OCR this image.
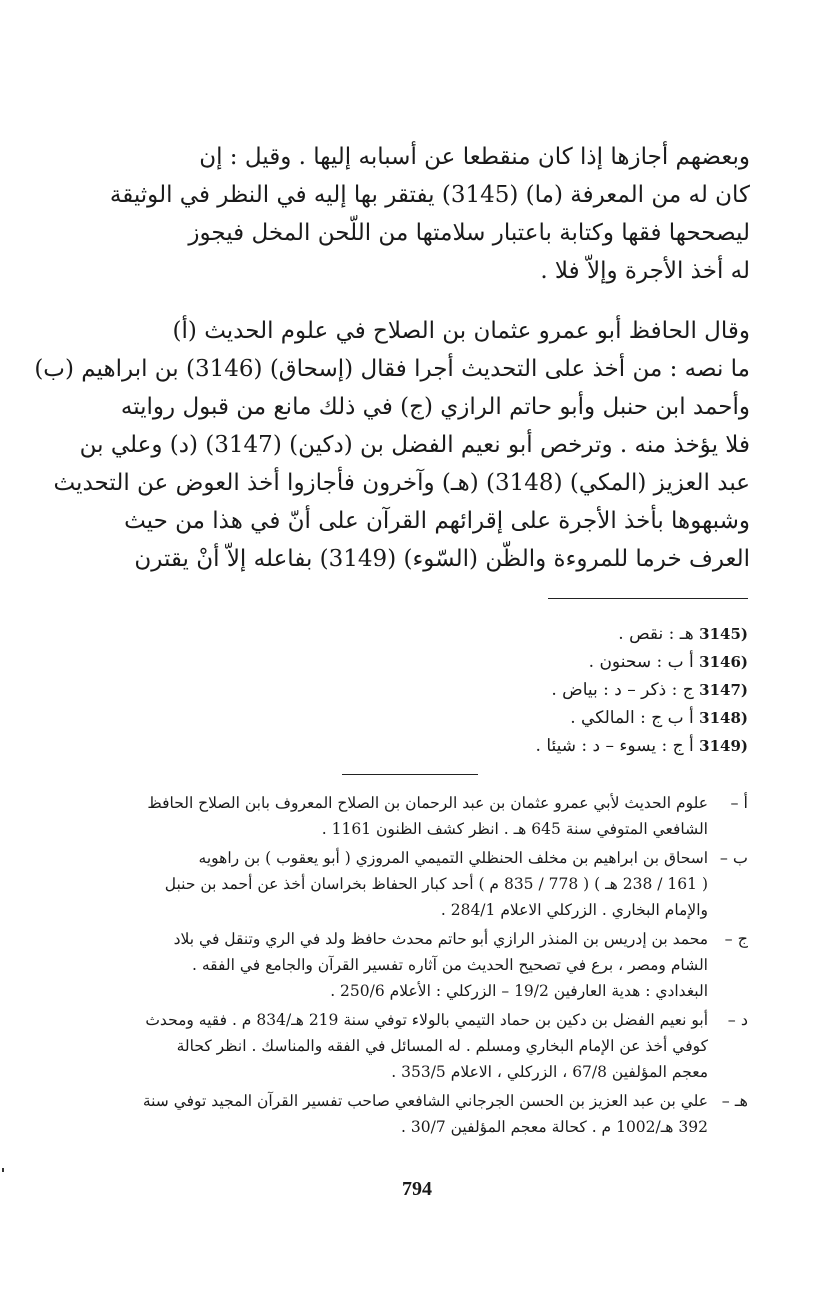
وبعضهم أجازها إذا كان منقطعا عن أسبابه إليها . وقيل : إن
كان له من المعرفة (ما) (3145) يفتقر بها إليه في النظر في الوثيقة
ليصححها فقها وكتابة باعتبار سلامتها من اللّحن المخل فيجوز
له أخذ الأجرة وإلاّ فلا .
وقال الحافظ أبو عمرو عثمان بن الصلاح في علوم الحديث (أ)
ما نصه : من أخذ على التحديث أجرا فقال (إسحاق) (3146) بن ابراهيم (ب)
وأحمد ابن حنبل وأبو حاتم الرازي (ج) في ذلك مانع من قبول روايته
فلا يؤخذ منه . وترخص أبو نعيم الفضل بن (دكين) (3147) (د) وعلي بن
عبد العزيز (المكي) (3148) (هـ) وآخرون فأجازوا أخذ العوض عن التحديث
وشبهوها بأخذ الأجرة على إقرائهم القرآن على أنّ في هذا من حيث
العرف خرما للمروءة والظّن (السّوء) (3149) بفاعله إلاّ أنْ يقترن
3145) هـ : نقص .
3146) أ ب : سحنون .
3147) ج : ذكر – د : بياض .
3148) أ ب ج : المالكي .
3149) أ ج : يسوء – د : شيئا .
أ –
علوم الحديث لأبي عمرو عثمان بن عبد الرحمان بن الصلاح المعروف بابن الصلاح الحافظ
الشافعي المتوفي سنة 645 هـ . انظر كشف الظنون 1161 .
ب –
اسحاق بن ابراهيم بن مخلف الحنظلي التميمي المروزي ( أبو يعقوب ) بن راهويه
( 161 / 238 هـ ) ( 778 / 835 م ) أحد كبار الحفاظ بخراسان أخذ عن أحمد بن حنبل
والإمام البخاري . الزركلي الاعلام 284/1 .
ج –
محمد بن إدريس بن المنذر الرازي أبو حاتم محدث حافظ ولد في الري وتنقل في بلاد
الشام ومصر ، برع في تصحيح الحديث من آثاره تفسير القرآن والجامع في الفقه .
البغدادي : هدية العارفين 19/2 – الزركلي : الأعلام 250/6 .
د –
أبو نعيم الفضل بن دكين بن حماد التيمي بالولاء توفي سنة 219 هـ/834 م . فقيه ومحدث
كوفي أخذ عن الإمام البخاري ومسلم . له المسائل في الفقه والمناسك . انظر كحالة
معجم المؤلفين 67/8 ، الزركلي ، الاعلام 353/5 .
هـ –
علي بن عبد العزيز بن الحسن الجرجاني الشافعي صاحب تفسير القرآن المجيد توفي سنة
392 هـ/1002 م . كحالة معجم المؤلفين 30/7 .
794
